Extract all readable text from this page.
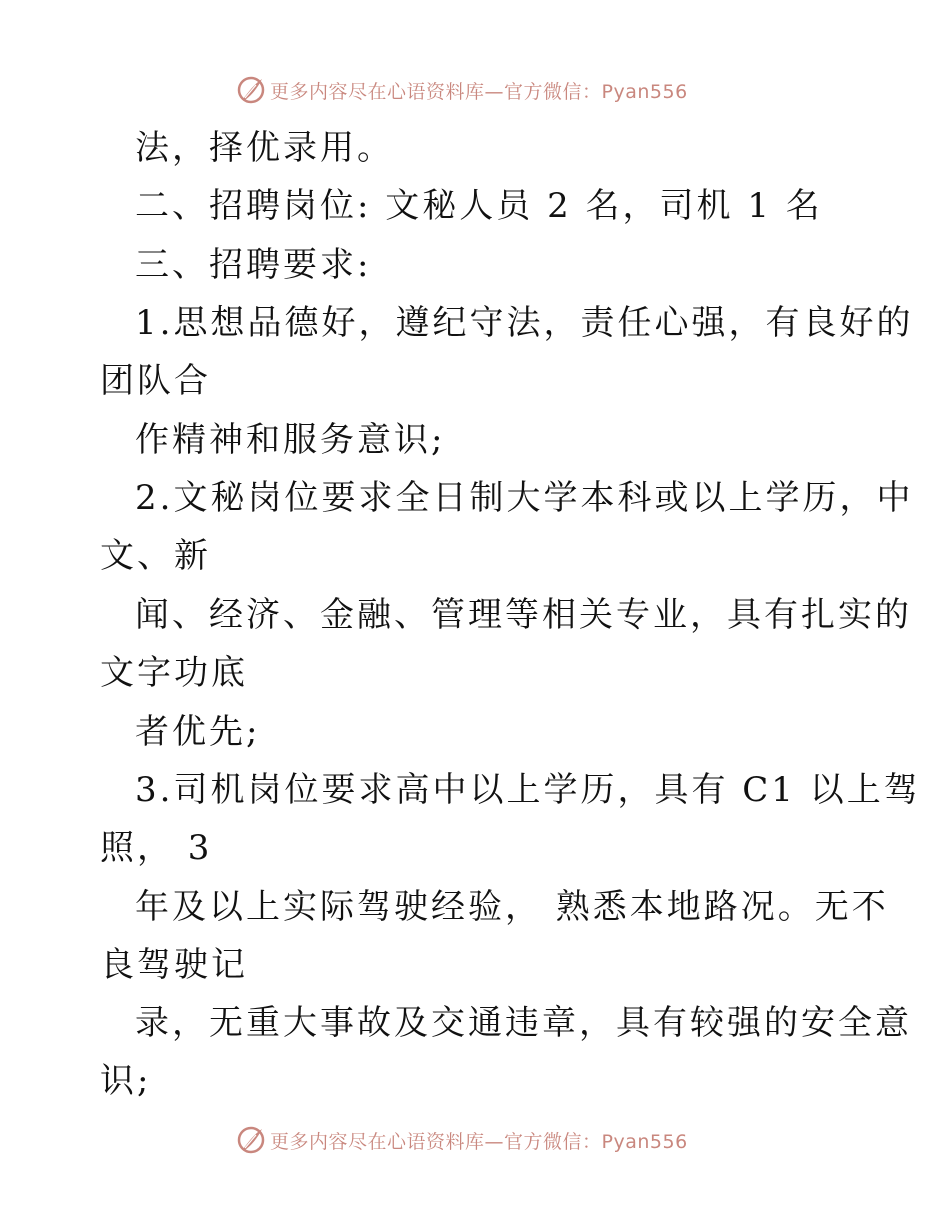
更多内容尽在心语资料库—官方微信：Pyan556
法，择优录用。
二、招聘岗位: 文秘人员 2 名，司机 1 名
三、招聘要求:
1.思想品德好，遵纪守法，责任心强，有良好的
团队合
作精神和服务意识;
2.文秘岗位要求全日制大学本科或以上学历，中
文、新
闻、经济、金融、管理等相关专业，具有扎实的
文字功底
者优先;
3.司机岗位要求高中以上学历，具有 C1 以上驾
照， 3
年及以上实际驾驶经验， 熟悉本地路况。无不
良驾驶记
录，无重大事故及交通违章，具有较强的安全意
识;
更多内容尽在心语资料库—官方微信：Pyan556
